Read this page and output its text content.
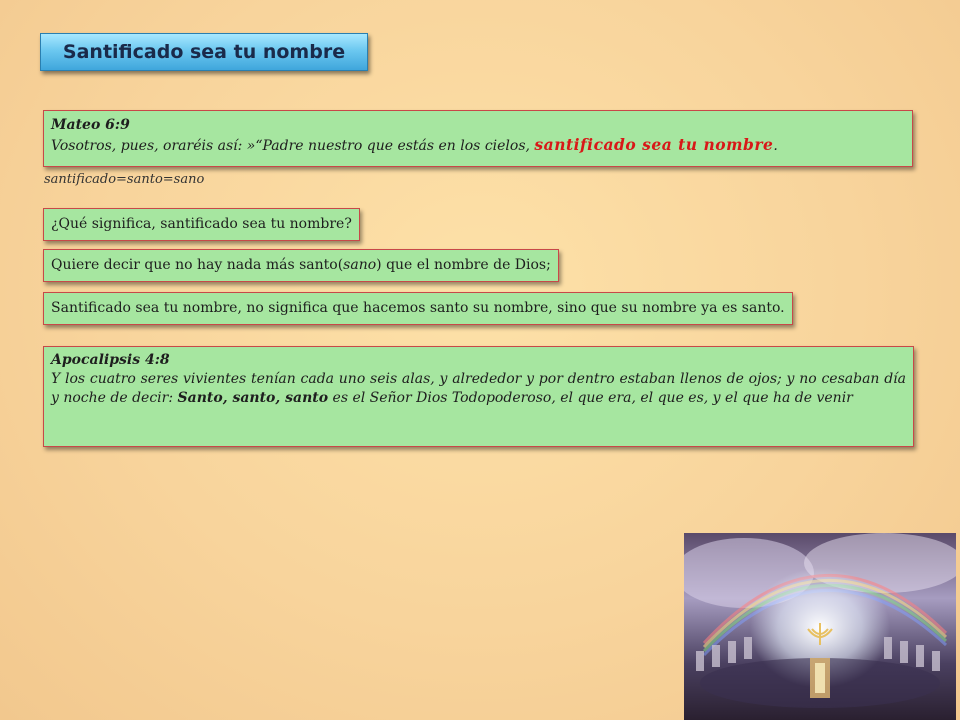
Santificado sea tu nombre
Mateo 6:9
Vosotros, pues, oraréis así: »“Padre nuestro que estás en los cielos, santificado sea tu nombre.
santificado=santo=sano
¿Qué significa, santificado sea tu nombre?
Quiere decir que no hay nada más santo(sano) que el nombre de Dios;
Santificado sea tu nombre, no significa que hacemos santo su nombre, sino que su nombre ya es santo.
Apocalipsis 4:8
Y los cuatro seres vivientes tenían cada uno seis alas, y alrededor y por dentro estaban llenos de ojos; y no cesaban día y noche de decir: Santo, santo, santo es el Señor Dios Todopoderoso, el que era, el que es, y el que ha de venir
